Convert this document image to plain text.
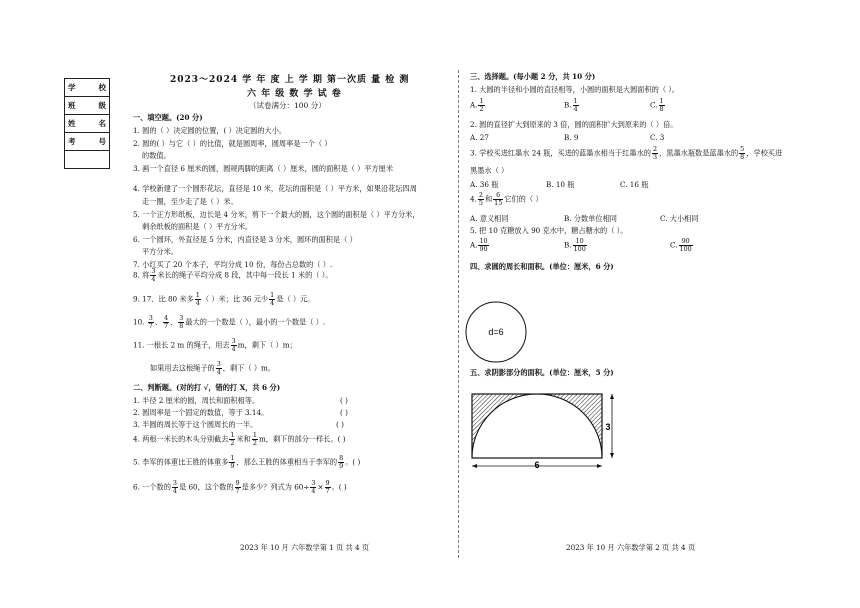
学	校

班	级

姓	名

考	号

2023～2024 学 年 度 上 学 期 第一次质 量 检 测
六 年 级 数 学 试 卷
（试卷满分：100 分）
一、填空题。(20 分)
1. 圆的（ ）决定圆的位置，( ）决定圆的大小。
2. 圆的( ）与它（ ）的比值，就是圆周率，圆周率是一个（ ）
的数值。
3. 画一个直径 6 厘米的圆，圆规两脚的距离（ ）厘米，圆的面积是（ ）平方厘米
4. 学校新建了一个圆形花坛，直径是 10 米，花坛的面积是（ ）平方米，如果沿花坛四周
走一圈，至少走了是（ ）米。
5. 一个正方形纸板，边长是 4 分米，剪下一个最大的圆，这个圆的面积是（ ）平方分米，
剩余纸板的面积是（ ）平方分米。
6. 一个圆环，外直径是 5 分米，内直径是 3 分米，圆环的面积是（ ）
平方分米。
7. 小红买了 20 个本子，平均分成 10 份，每份占总数的（ ）.
8. 将 $\frac{3}{4}$ 米长的绳子平均分成 8 段，其中每一段长 1 米的（ ）。
9. 17、比 80 米多 $\frac{1}{4}$ （ ）米；比 36 元少 $\frac{1}{4}$ 是（ ）元。
10. $\frac{3}{7}$ 、 $\frac{4}{7}$ 、 $\frac{3}{8}$ 最大的一个数是（ ），最小的一个数是（ ）.
11. 一根长 2 m 的绳子，用去 $\frac{3}{4}$ m，剩下（ ）m；
如果用去这根绳子的 $\frac{3}{4}$ ，剩下（ ）m。
二、判断题。(对的打 √，错的打 X，共 6 分)
1. 半径 2 厘米的圆，周长和面积相等。	( )
2. 圆周率是一个固定的数值，等于 3.14。	( )
3. 半圆的周长等于这个圆周长的一半。	( )
4. 两根一米长的木头分别截去 $\frac{1}{2}$ 米和 $\frac{1}{2}$ m，剩下的部分一样长。( )
5. 李军的体重比王胜的体重多 $\frac{1}{9}$ ，那么王胜的体重相当于李军的 $\frac{8}{9}$ 。( )
6. 一个数的 $\frac{3}{4}$ 是 60，这个数的 $\frac{9}{7}$ 是多少？列式为 $60\div \frac{3}{4} \times \frac{9}{7}$ 。( )
三、选择题。(每小题 2 分，共 10 分)
1. 大圆的半径和小圆的直径相等，小圆的面积是大圆面积的（ ）。
A. $\frac{1}{2}$	B. $\frac{1}{4}$	C. $\frac{1}{8}$
2. 圆的直径扩大到原来的 3 倍，圆的面积扩大到原来的（ ）倍。
A. 27	B. 9	C. 3
3. 学校买进红墨水 24 瓶，买进的蓝墨水相当于红墨水的 $\frac{2}{3}$ ，黑墨水瓶数是蓝墨水的 $\frac{5}{8}$ ，学校买进
黑墨水（ ）
A. 36 瓶	B. 10 瓶	C. 16 瓶
4. $\frac{2}{5}$ 和 $\frac{6}{15}$ 它们的（ ）
A. 意义相同	B. 分数单位相同	C. 大小相同
5. 把 10 克糖放入 90 克水中，糖占糖水的（ ）。
A. $\frac{10}{90}$	B. $\frac{10}{100}$	C. $\frac{90}{100}$
四、求圆的周长和面积。(单位：厘米，6 分)
d=6
五、求阴影部分的面积。(单位：厘米，5 分)
6
3
2023 年 10 月 六年数学第 1 页 共 4 页	2023 年 10 月 六年数学第 2 页 共 4 页
